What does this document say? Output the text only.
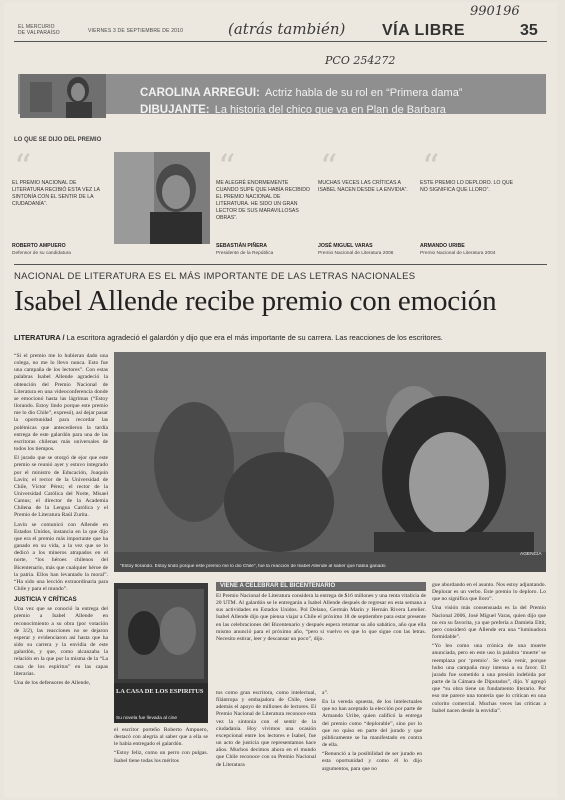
EL MERCURIO
DE VALPARAÍSO	VIERNES 3 DE SEPTIEMBRE DE 2010	(atrás también)
990196
PCO 254272
VÍA LIBRE	35
CAROLINA ARREGUI: Actriz habla de su rol en “Primera dama”
DIBUJANTE: La historia del chico que va en Plan de Barbara
LO QUE SE DIJO DEL PREMIO
“
EL PREMIO NACIONAL DE LITERATURA RECIBIÓ ESTA VEZ LA SINTONÍA CON EL SENTIR DE LA CIUDADANÍA”.
ROBERTO AMPUERO
Defensor de su candidatura
“
ME ALEGRÉ ENORMEMENTE CUANDO SUPE QUE HABÍA RECIBIDO EL PREMIO NACIONAL DE LITERATURA. HE SIDO UN GRAN LECTOR DE SUS MARAVILLOSAS OBRAS”.
SEBASTIÁN PIÑERA
Presidente de la República
“
MUCHAS VECES LAS CRÍTICAS A ISABEL NACEN DESDE LA ENVIDIA”.
JOSÉ MIGUEL VARAS
Premio Nacional de Literatura 2006
“
ESTE PREMIO LO DEPLORO. LO QUE NO SIGNIFICA QUE LLORO”.
ARMANDO URIBE
Premio Nacional de Literatura 2004
NACIONAL DE LITERATURA ES EL MÁS IMPORTANTE DE LAS LETRAS NACIONALES
Isabel Allende recibe premio con emoción
LITERATURA / La escritora agradeció el galardón y dijo que era el más importante de su carrera. Las reacciones de los escritores.

“Sí el premio me lo hubieran dado una colega, no me lo llevo nunca. Esto fue una campaña de los lectores”. Con estas palabras Isabel Allende agradeció la obtención del Premio Nacional de Literatura en una videoconferencia donde se emocionó hasta las lágrimas (“Estoy llorando. Estoy lindo porque este premio me lo dio Chile”, expresó), así dejar pasar la oportunidad para recordar las polémicas que antecedieron la tardía entrega de este galardón para una de las escritoras chilenas más universales de todos los tiempos.

El jurado que se otorgó de ejor que este premio se reunió ayer y estuvo integrado por el ministro de Educación, Joaquín Lavín; el rector de la Universidad de Chile, Víctor Pérez; el rector de la Universidad Católica del Norte, Misael Camus; el director de la Academia Chilena de la Lengua Católica y el Premio de Literatura Raúl Zurita.

Lavín se comunicó con Allende en Estados Unidos, instancia en la que dijo que era el premio más importante que ha ganado en su vida, a la vez que se lo dedicó a los mineros atrapados en el norte, “los héroes chilenos del Bicentenario, más que cualquier héroe de la patria. Ellos han levantado la moral”. “Ha sido una lección extraordinaria para Chile y para el mundo”.

JUSTICIA Y CRÍTICAS

Una vez que se conoció la entrega del premio a Isabel Allende en reconocimiento a su obra (por votación de 3/2), las reacciones no se dejaron esperar y evidenciaron así hasta que ha sido su carrera y la envidia de este galardón, y que, como alcanzaba la relación en la que por la misma de la “La casa de los espíritus” en las capas literarias.

Una de los defensores de Allende,

“Estoy llorando. Estoy lindo porque este premio me lo dio Chile”, fue la reacción de Isabel Allende al saber que había ganado
AGENCIA
LA CASA DE LOS ESPIRITUS
Su novela fue llevada al cine

el escritor porteño Roberto Ampuero, destacó con alegría al saber que a ella se le había entregado el galardón.

“Estoy feliz, como un perro con pulgas. Isabel tiene todas los méritos

VIENE A CELEBRAR EL BICENTENARIO
El Premio Nacional de Literatura considera la entrega de $16 millones y una renta vitalicia de 20 UTM. Al galardón se le entregarán a Isabel Allende después de regresar en esta semana a sus actividades en Estados Unidos. Pol Delano, Germán Marín y Hernán Rivera Letelier. Isabel Allende dijo que piensa viajar a Chile el próximo 18 de septiembre para estar presente en las celebraciones del Bicentenario y después espera retomar su año sabático, año que ella mismo anunció para el próximo año, “pero si vuelvo es que lo que sigue con las letras. Necesito estirar, leer y descansar un poco”, dijo.

tos como gran escritora, como intelectual, filántropa y embajadora de Chile, tiene además el apoyo de millones de lectores. El Premio Nacional de Literatura reconoce esta vez la sintonía con el sentir de la ciudadanía. Hoy vivimos una ocasión excepcional entre los lectores e Isabel, fue un acto de justicia que representamos hace años. Muchos decimos ahora en el mundo que Chile reconoce con su Premio Nacional de Literatura

a”.

En la vereda opuesta, de los intelectuales que no han aceptado la elección por parte de Armando Uribe, quien calificó la entrega del premio como “deplorable”, sino por lo que no quiso en parte del jurado y que públicamente se ha manifestado en contra de ella.

“Renunció a la posibilidad de ser jurado en esta oportunidad y como él lo dijo argumentos, para que no

gue abordando en el asunto. Nos estoy adjuntando. Deplorar es un verbo. Este premio lo deploro. Lo que no significa que lloro”.

Una visión más consensuada es la del Premio Nacional 2006, José Miguel Varas, quien dijo que no era su favorita, ya que prefería a Damiela Eltit, pero consideró que Allende era una “luminadora formidable”.

“Yo leo como una crónica de una muerte anunciada, pero en este uso la palabra ‘muerte’ se reemplaza por ‘premio’. Se veía venir, porque hubo una campaña muy intensa a su favor. El jurado fue sometido a una presión indebida por parte de la Cámara de Diputados”, dijo. Y agregó que “su obra tiene un fundamento literario. Por eso me parece una tontería que lo critican en una colorito comercial. Muchas veces las críticas a Isabel nacen desde la envidia”.
